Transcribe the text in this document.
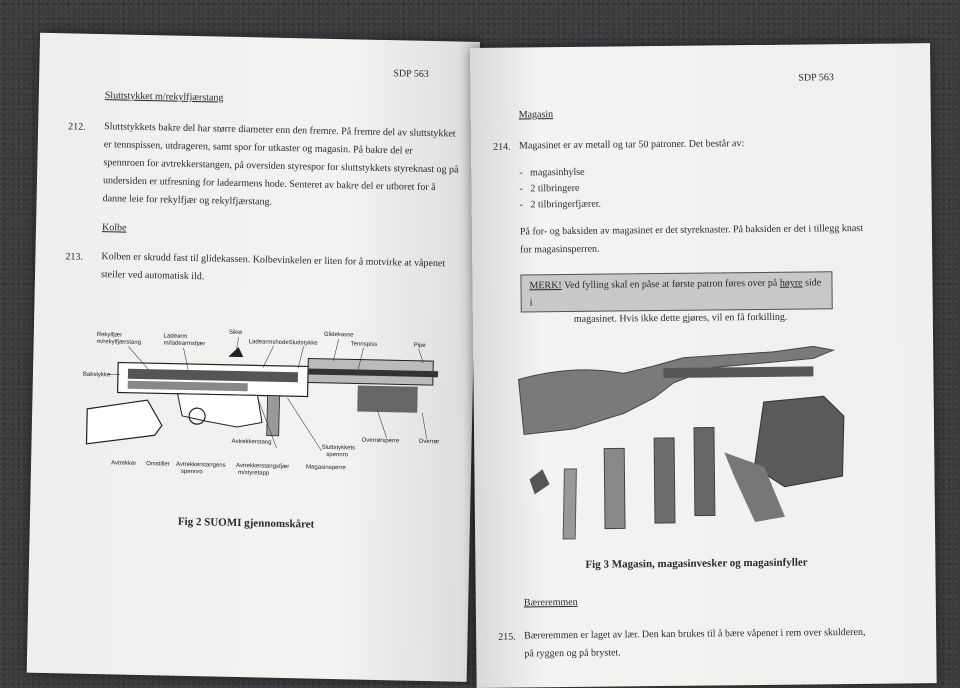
SDP 563
Sluttstykket m/rekylfjærstang
212. Sluttstykkets bakre del har større diameter enn den fremre. På fremre del av sluttstykket
er tennspissen, utdrageren, samt spor for utkaster og magasin. På bakre del er
spennroen for avtrekkerstangen, på oversiden styrespor for sluttstykkets styreknast og på
undersiden er utfresning for ladearmens hode. Senteret av bakre del er utboret for å
danne leie for rekylfjær og rekylfjærstang.
Kolbe
213. Kolben er skrudd fast til glidekassen. Kolbevinkelen er liten for å motvirke at våpenet
steiler ved automatisk ild.
Rekylfjær
m/rekylfjærstang
Ladearm
m/ladearmsfjær
Sikte
Ladearmshode Sluttstykke
Glidekasse
Tennspiss	Pipe
Bakstykke
Avtrekkerstang
Sluttstykkets
spennro
Overrørsperre	Overrør
Avtrekker Omstiller Avtrekkerstangens
spennro
Avtrekkerstangsfjær
m/styretapp
Magasinsperre
Fig 2 SUOMI gjennomskåret
SDP 563
Magasin
214. Magasinet er av metall og tar 50 patroner. Det består av:
-   magasinhylse
-   2 tilbringere
-   2 tilbringerfjærer.
På for- og baksiden av magasinet er det styreknaster. På baksiden er det i tillegg knast
for magasinsperren.
MERK! Ved fylling skal en påse at første patron føres over på høyre side i
magasinet. Hvis ikke dette gjøres, vil en få forkilling.
Fig 3 Magasin, magasinvesker og magasinfyller
Bæreremmen
215. Bæreremmen er laget av lær. Den kan brukes til å bære våpenet i rem over skulderen,
på ryggen og på brystet.
